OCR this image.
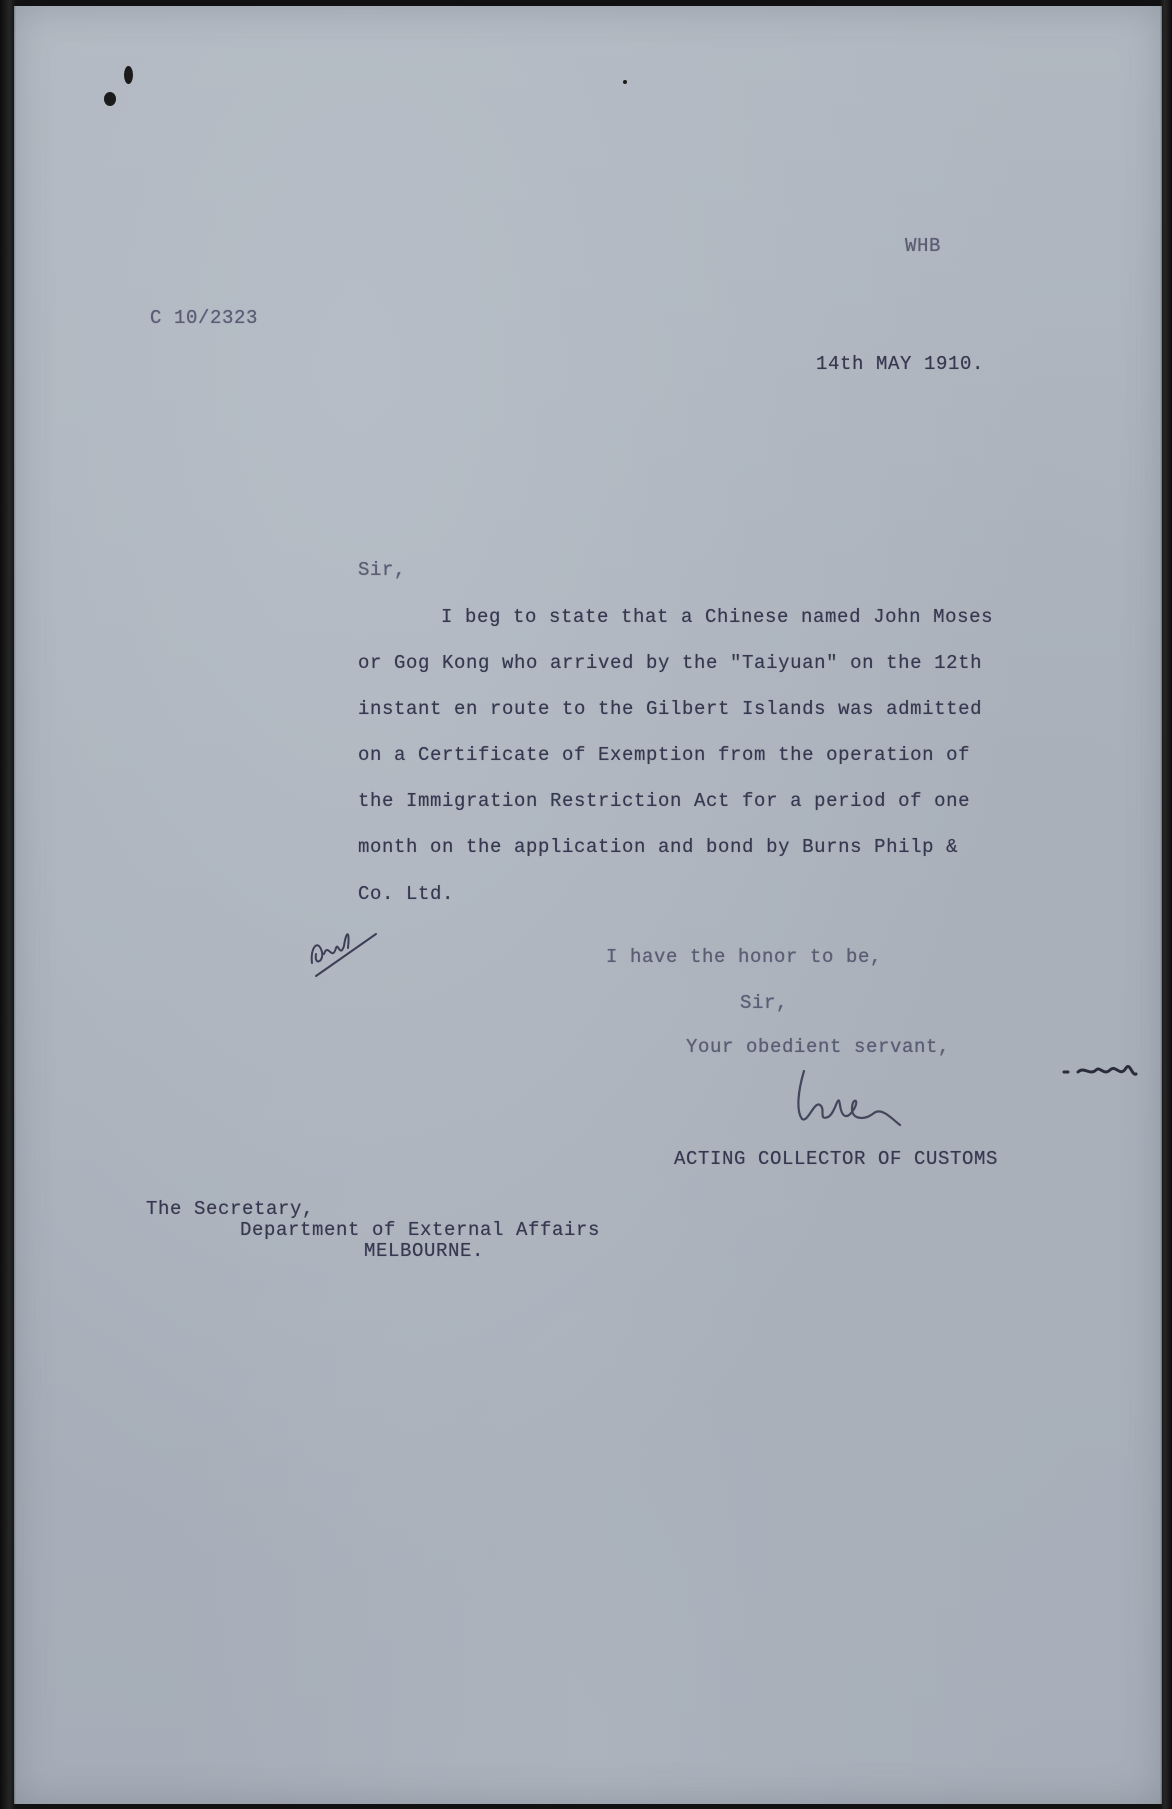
WHB
C 10/2323
14th MAY 1910.
Sir,
I beg to state that a Chinese named John Moses
or Gog Kong who arrived by the "Taiyuan" on the 12th
instant en route to the Gilbert Islands was admitted
on a Certificate of Exemption from the operation of
the Immigration Restriction Act for a period of one
month on the application and bond by Burns Philp &
Co. Ltd.
I have the honor to be,
Sir,
Your obedient servant,
ACTING COLLECTOR OF CUSTOMS
The Secretary,
Department of External Affairs
MELBOURNE.
